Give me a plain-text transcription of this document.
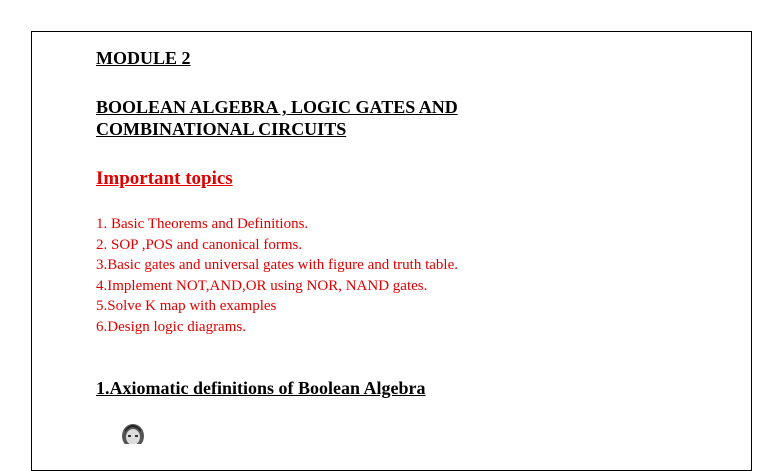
MODULE 2
BOOLEAN ALGEBRA , LOGIC GATES AND
COMBINATIONAL CIRCUITS
Important topics
1. Basic Theorems and Definitions.
2. SOP ,POS and canonical forms.
3.Basic gates and universal gates with figure and truth table.
4.Implement NOT,AND,OR using NOR, NAND gates.
5.Solve K map with examples
6.Design logic diagrams.
1.Axiomatic definitions of Boolean Algebra
